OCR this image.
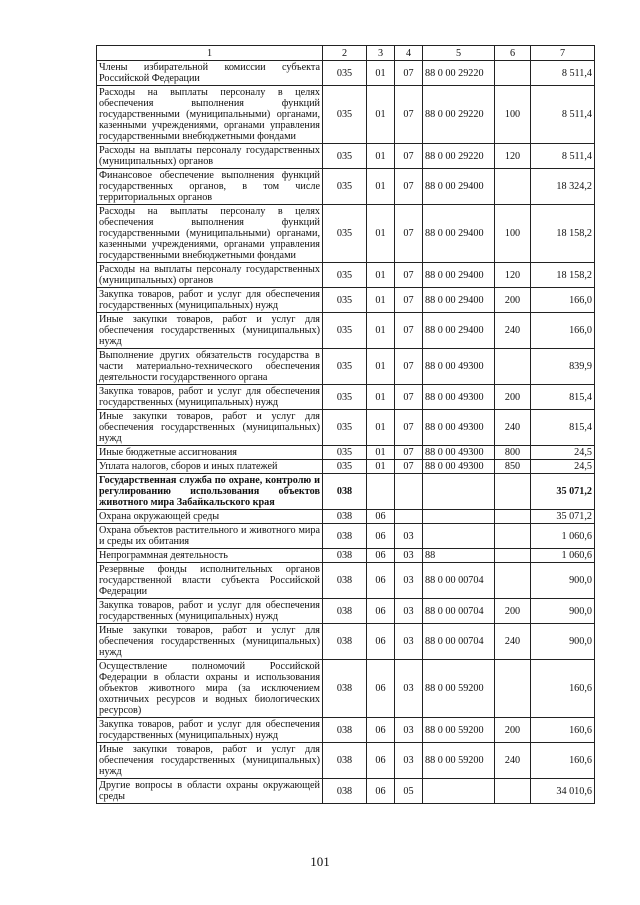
1	2	3	4	5	6	7
Члены избирательной комиссии субъекта Российской Федерации	035	01	07	88 0 00 29220		8 511,4
Расходы на выплаты персоналу в целях обеспечения выполнения функций государственными (муниципальными) органами, казенными учреждениями, органами управления государственными внебюджетными фондами	035	01	07	88 0 00 29220	100	8 511,4
Расходы на выплаты персоналу государственных (муниципальных) органов	035	01	07	88 0 00 29220	120	8 511,4
Финансовое обеспечение выполнения функций государственных органов, в том числе территориальных органов	035	01	07	88 0 00 29400		18 324,2
Расходы на выплаты персоналу в целях обеспечения выполнения функций государственными (муниципальными) органами, казенными учреждениями, органами управления государственными внебюджетными фондами	035	01	07	88 0 00 29400	100	18 158,2
Расходы на выплаты персоналу государственных (муниципальных) органов	035	01	07	88 0 00 29400	120	18 158,2
Закупка товаров, работ и услуг для обеспечения государственных (муниципальных) нужд	035	01	07	88 0 00 29400	200	166,0
Иные закупки товаров, работ и услуг для обеспечения государственных (муниципальных) нужд	035	01	07	88 0 00 29400	240	166,0
Выполнение других обязательств государства в части материально-технического обеспечения деятельности государственного органа	035	01	07	88 0 00 49300		839,9
Закупка товаров, работ и услуг для обеспечения государственных (муниципальных) нужд	035	01	07	88 0 00 49300	200	815,4
Иные закупки товаров, работ и услуг для обеспечения государственных (муниципальных) нужд	035	01	07	88 0 00 49300	240	815,4
Иные бюджетные ассигнования	035	01	07	88 0 00 49300	800	24,5
Уплата налогов, сборов и иных платежей	035	01	07	88 0 00 49300	850	24,5
Государственная служба по охране, контролю и регулированию использования объектов животного мира Забайкальского края	038					35 071,2
Охрана окружающей среды	038	06				35 071,2
Охрана объектов растительного и животного мира и среды их обитания	038	06	03			1 060,6
Непрограммная деятельность	038	06	03	88		1 060,6
Резервные фонды исполнительных органов государственной власти субъекта Российской Федерации	038	06	03	88 0 00 00704		900,0
Закупка товаров, работ и услуг для обеспечения государственных (муниципальных) нужд	038	06	03	88 0 00 00704	200	900,0
Иные закупки товаров, работ и услуг для обеспечения государственных (муниципальных) нужд	038	06	03	88 0 00 00704	240	900,0
Осуществление полномочий Российской Федерации в области охраны и использования объектов животного мира (за исключением охотничьих ресурсов и водных биологических ресурсов)	038	06	03	88 0 00 59200		160,6
Закупка товаров, работ и услуг для обеспечения государственных (муниципальных) нужд	038	06	03	88 0 00 59200	200	160,6
Иные закупки товаров, работ и услуг для обеспечения государственных (муниципальных) нужд	038	06	03	88 0 00 59200	240	160,6
Другие вопросы в области охраны окружающей среды	038	06	05			34 010,6
101
